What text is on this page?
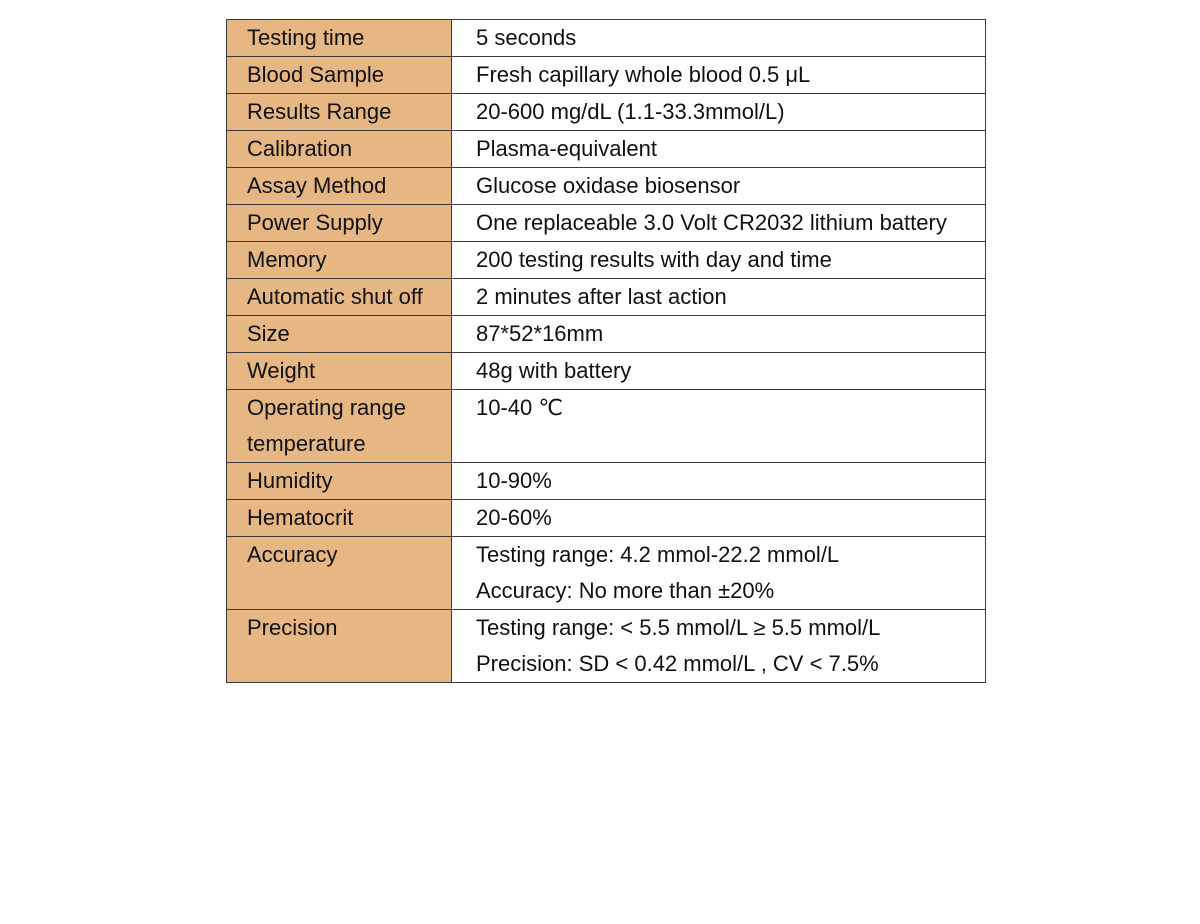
Testing time	5 seconds

Blood Sample	Fresh capillary whole blood 0.5 μL

Results Range	20-600 mg/dL (1.1-33.3mmol/L)

Calibration	Plasma-equivalent

Assay Method	Glucose oxidase biosensor

Power Supply	One replaceable 3.0 Volt CR2032 lithium battery

Memory	200 testing results with day and time

Automatic shut off	2 minutes after last action

Size	87*52*16mm

Weight	48g with battery

Operating range
temperature	10-40 ℃

Humidity	10-90%

Hematocrit	20-60%

Accuracy	Testing range: 4.2 mmol-22.2 mmol/L
Accuracy: No more than ±20%

Precision	Testing range: < 5.5 mmol/L ≥ 5.5 mmol/L
Precision: SD < 0.42 mmol/L , CV < 7.5%
